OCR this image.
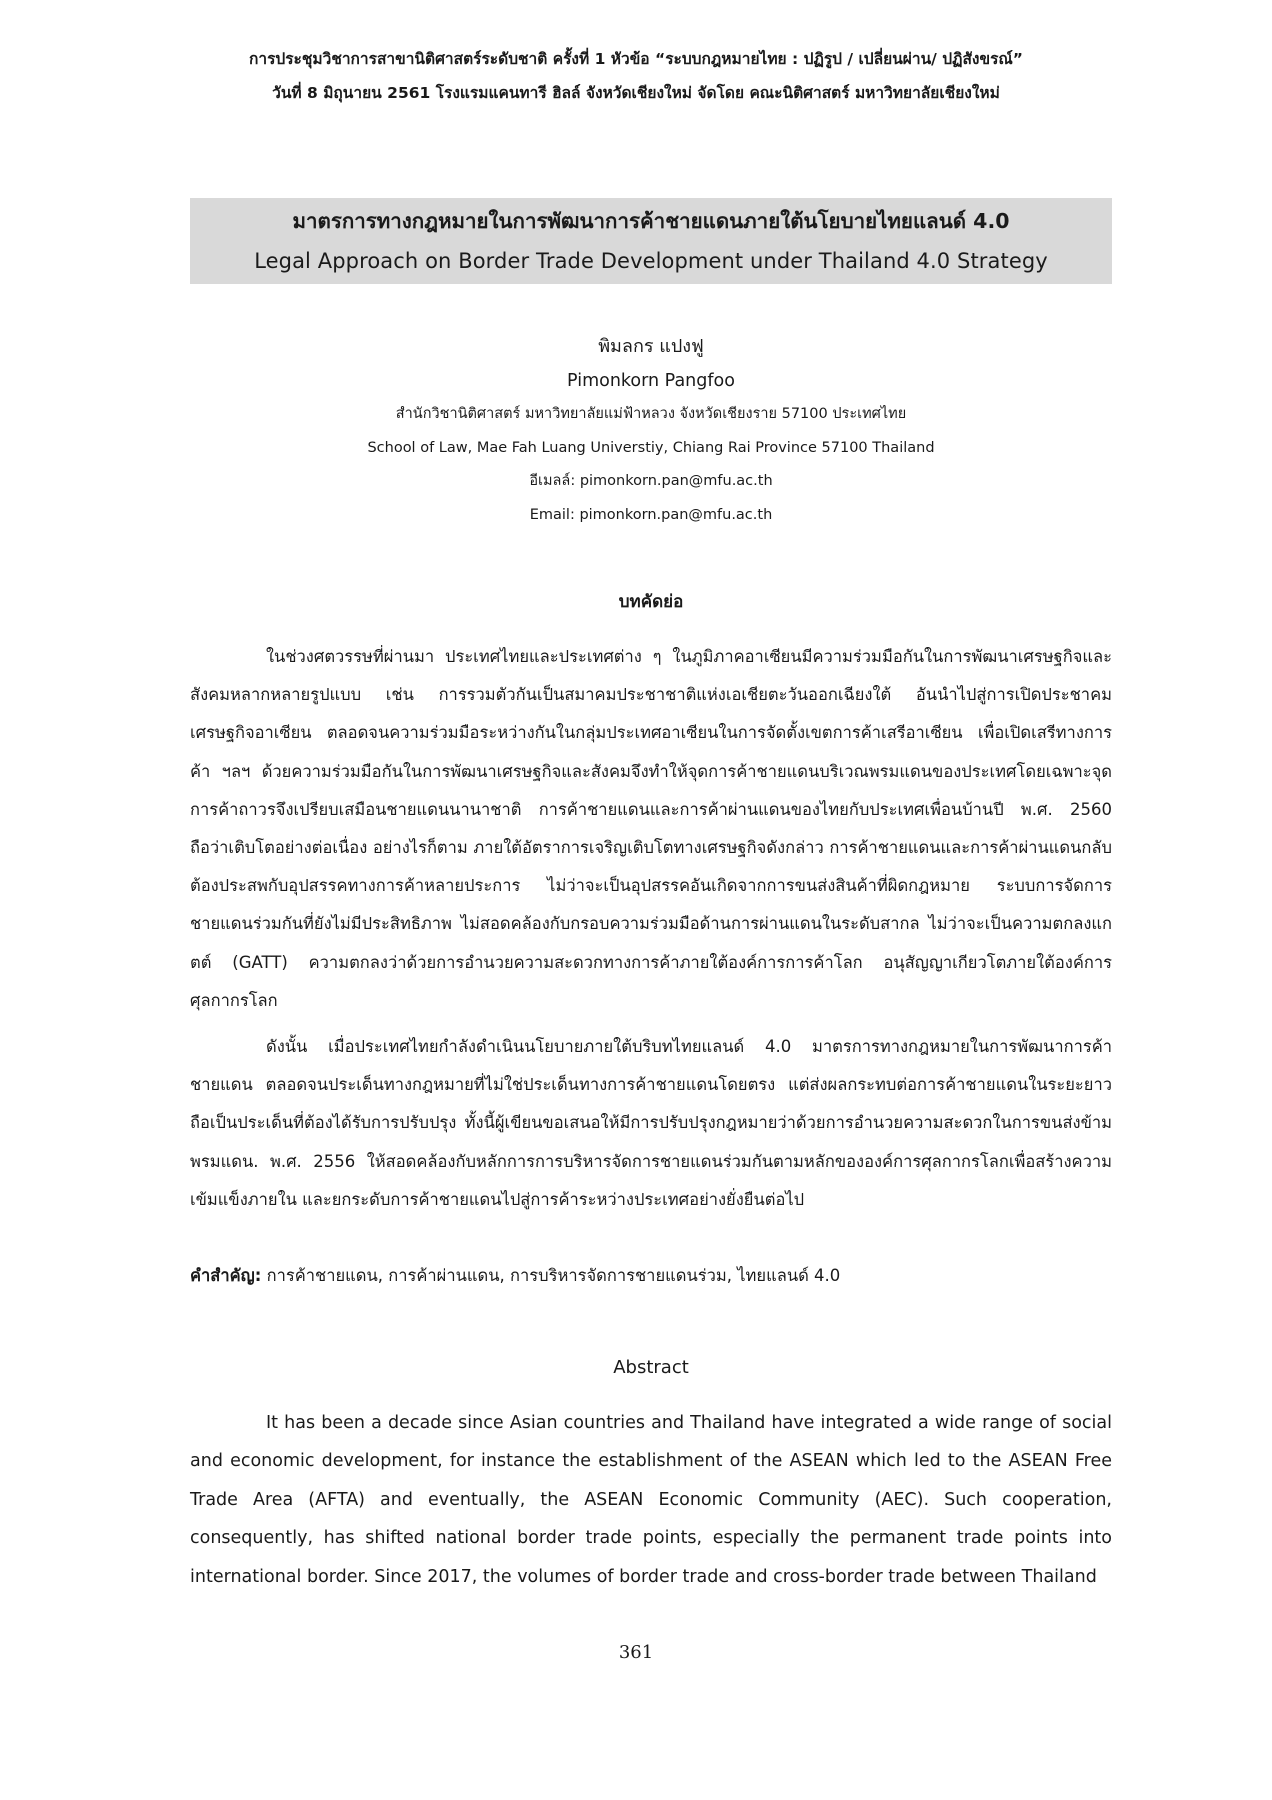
การประชุมวิชาการสาขานิติศาสตร์ระดับชาติ ครั้งที่ 1 หัวข้อ “ระบบกฎหมายไทย : ปฏิรูป / เปลี่ยนผ่าน/ ปฏิสังขรณ์”
วันที่ 8 มิถุนายน 2561 โรงแรมแคนทารี ฮิลล์ จังหวัดเชียงใหม่ จัดโดย คณะนิติศาสตร์ มหาวิทยาลัยเชียงใหม่
มาตรการทางกฎหมายในการพัฒนาการค้าชายแดนภายใต้นโยบายไทยแลนด์ 4.0
Legal Approach on Border Trade Development under Thailand 4.0 Strategy
พิมลกร แปงฟู
Pimonkorn Pangfoo
สำนักวิชานิติศาสตร์ มหาวิทยาลัยแม่ฟ้าหลวง จังหวัดเชียงราย 57100 ประเทศไทย
School of Law, Mae Fah Luang Universtiy, Chiang Rai Province 57100 Thailand
อีเมลล์: pimonkorn.pan@mfu.ac.th
Email: pimonkorn.pan@mfu.ac.th
บทคัดย่อ

ในช่วงศตวรรษที่ผ่านมา ประเทศไทยและประเทศต่าง ๆ ในภูมิภาคอาเซียนมีความร่วมมือกันในการพัฒนาเศรษฐกิจและสังคมหลากหลายรูปแบบ เช่น การรวมตัวกันเป็นสมาคมประชาชาติแห่งเอเชียตะวันออกเฉียงใต้ อันนำไปสู่การเปิดประชาคมเศรษฐกิจอาเซียน ตลอดจนความร่วมมือระหว่างกันในกลุ่มประเทศอาเซียนในการจัดตั้งเขตการค้าเสรีอาเซียน เพื่อเปิดเสรีทางการค้า ฯลฯ ด้วยความร่วมมือกันในการพัฒนาเศรษฐกิจและสังคมจึงทำให้จุดการค้าชายแดนบริเวณพรมแดนของประเทศโดยเฉพาะจุดการค้าถาวรจึงเปรียบเสมือนชายแดนนานาชาติ การค้าชายแดนและการค้าผ่านแดนของไทยกับประเทศเพื่อนบ้านปี พ.ศ. 2560 ถือว่าเติบโตอย่างต่อเนื่อง อย่างไรก็ตาม ภายใต้อัตราการเจริญเติบโตทางเศรษฐกิจดังกล่าว การค้าชายแดนและการค้าผ่านแดนกลับต้องประสพกับอุปสรรคทางการค้าหลายประการ ไม่ว่าจะเป็นอุปสรรคอันเกิดจากการขนส่งสินค้าที่ผิดกฎหมาย ระบบการจัดการชายแดนร่วมกันที่ยังไม่มีประสิทธิภาพ ไม่สอดคล้องกับกรอบความร่วมมือด้านการผ่านแดนในระดับสากล ไม่ว่าจะเป็นความตกลงแกตต์ (GATT) ความตกลงว่าด้วยการอำนวยความสะดวกทางการค้าภายใต้องค์การการค้าโลก อนุสัญญาเกียวโตภายใต้องค์การศุลกากรโลก

ดังนั้น เมื่อประเทศไทยกำลังดำเนินนโยบายภายใต้บริบทไทยแลนด์ 4.0 มาตรการทางกฎหมายในการพัฒนาการค้าชายแดน ตลอดจนประเด็นทางกฎหมายที่ไม่ใช่ประเด็นทางการค้าชายแดนโดยตรง แต่ส่งผลกระทบต่อการค้าชายแดนในระยะยาวถือเป็นประเด็นที่ต้องได้รับการปรับปรุง ทั้งนี้ผู้เขียนขอเสนอให้มีการปรับปรุงกฎหมายว่าด้วยการอำนวยความสะดวกในการขนส่งข้ามพรมแดน. พ.ศ. 2556 ให้สอดคล้องกับหลักการการบริหารจัดการชายแดนร่วมกันตามหลักขององค์การศุลกากรโลกเพื่อสร้างความเข้มแข็งภายใน และยกระดับการค้าชายแดนไปสู่การค้าระหว่างประเทศอย่างยั่งยืนต่อไป

คำสำคัญ: การค้าชายแดน, การค้าผ่านแดน, การบริหารจัดการชายแดนร่วม, ไทยแลนด์ 4.0
Abstract

It has been a decade since Asian countries and Thailand have integrated a wide range of social and economic development, for instance the establishment of the ASEAN which led to the ASEAN Free Trade Area (AFTA) and eventually, the ASEAN Economic Community (AEC). Such cooperation, consequently, has shifted national border trade points, especially the permanent trade points into international border. Since 2017, the volumes of border trade and cross-border trade between Thailand

361
